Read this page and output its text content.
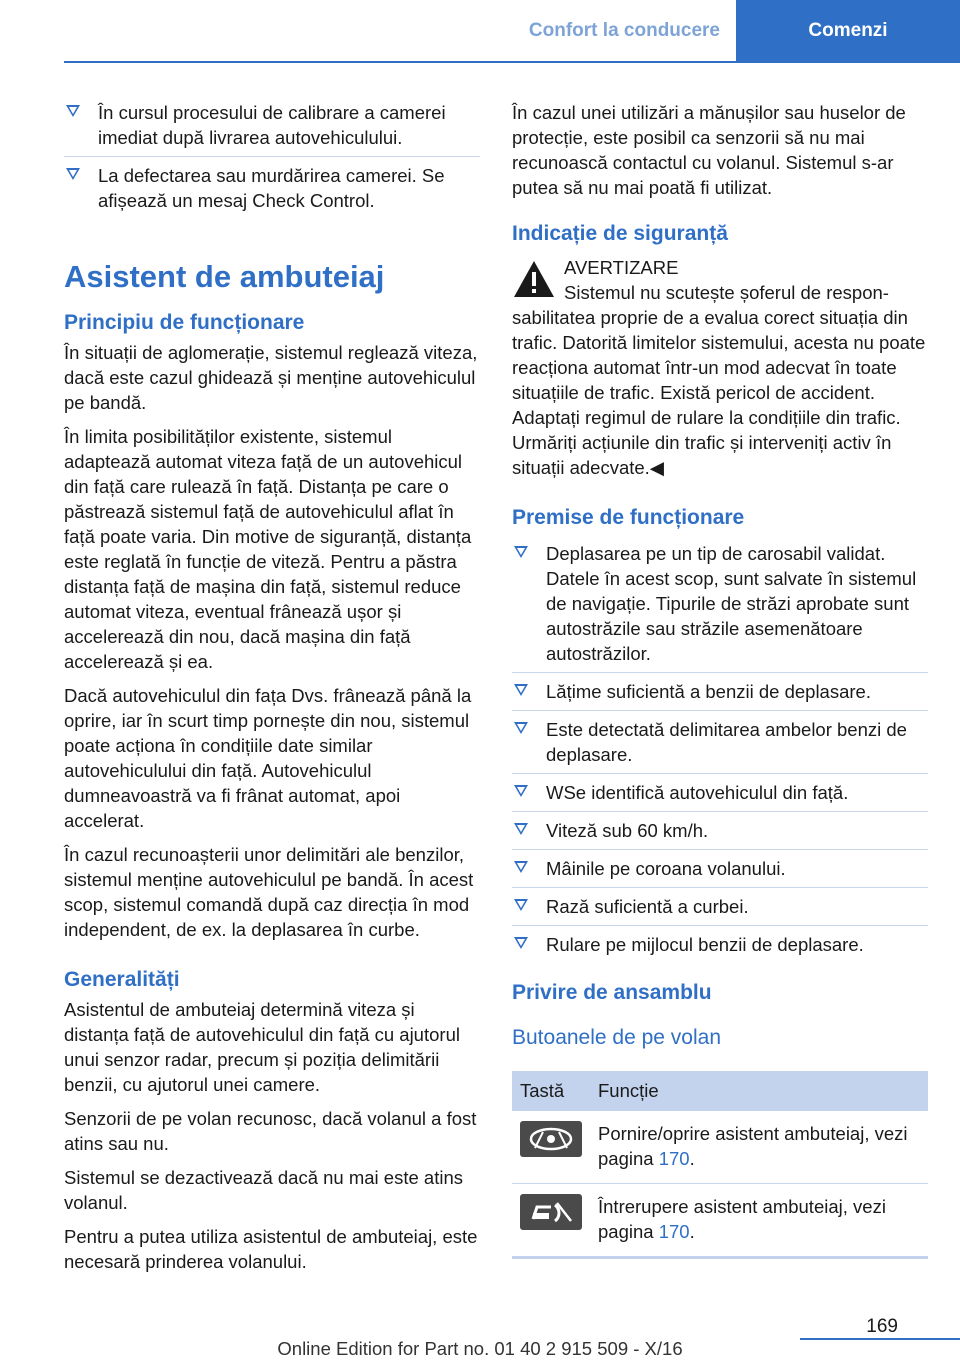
Confort la conducere	Comenzi
În cursul procesului de calibrare a camerei imediat după livrarea autovehiculului.
La defectarea sau murdărirea camerei. Se afișează un mesaj Check Control.
Asistent de ambuteiaj
Principiu de funcționare

În situații de aglomerație, sistemul reglează viteza, dacă este cazul ghidează și menține autovehiculul pe bandă.

În limita posibilităților existente, sistemul adaptează automat viteza față de un autovehicul din față care rulează în față. Distanța pe care o păstrează sistemul față de autovehiculul aflat în față poate varia. Din motive de siguranță, distanța este reglată în funcție de viteză. Pentru a păstra distanța față de mașina din față, sistemul reduce automat viteza, eventual frânează ușor și accelerează din nou, dacă mașina din față accelerează și ea.

Dacă autovehiculul din fața Dvs. frânează până la oprire, iar în scurt timp pornește din nou, sistemul poate acționa în condițiile date similar autovehiculului din față. Autovehiculul dumneavoastră va fi frânat automat, apoi accelerat.

În cazul recunoașterii unor delimitări ale benzilor, sistemul menține autovehiculul pe bandă. În acest scop, sistemul comandă după caz direcția în mod independent, de ex. la deplasarea în curbe.

Generalități

Asistentul de ambuteiaj determină viteza și distanța față de autovehiculul din față cu ajutorul unui senzor radar, precum și poziția delimitării benzii, cu ajutorul unei camere.

Senzorii de pe volan recunosc, dacă volanul a fost atins sau nu.

Sistemul se dezactivează dacă nu mai este atins volanul.

Pentru a putea utiliza asistentul de ambuteiaj, este necesară prinderea volanului.

În cazul unei utilizări a mănușilor sau huselor de protecție, este posibil ca senzorii să nu mai recunoască contactul cu volanul. Sistemul s-ar putea să nu mai poată fi utilizat.

Indicație de siguranță

AVERTIZARE

Sistemul nu scutește șoferul de respon-

sabilitatea proprie de a evalua corect situația din trafic. Datorită limitelor sistemului, acesta nu poate reacționa automat într-un mod adecvat în toate situațiile de trafic. Există pericol de accident. Adaptați regimul de rulare la condițiile din trafic. Urmăriți acțiunile din trafic și interveniți activ în situații adecvate.◀

Premise de funcționare
Deplasarea pe un tip de carosabil validat. Datele în acest scop, sunt salvate în sistemul de navigație. Tipurile de străzi aprobate sunt autostrăzile sau străzile asemenătoare autostrăzilor.
Lățime suficientă a benzii de deplasare.
Este detectată delimitarea ambelor benzi de deplasare.
WSe identifică autovehiculul din față.
Viteză sub 60 km/h.
Mâinile pe coroana volanului.
Rază suficientă a curbei.
Rulare pe mijlocul benzii de deplasare.
Privire de ansamblu
Butoanele de pe volan
Tastă	Funcție

	Pornire/oprire asistent ambuteiaj, vezi pagina 170.

	Întrerupere asistent ambuteiaj, vezi pagina 170.
169
Online Edition for Part no. 01 40 2 915 509 - X/16
